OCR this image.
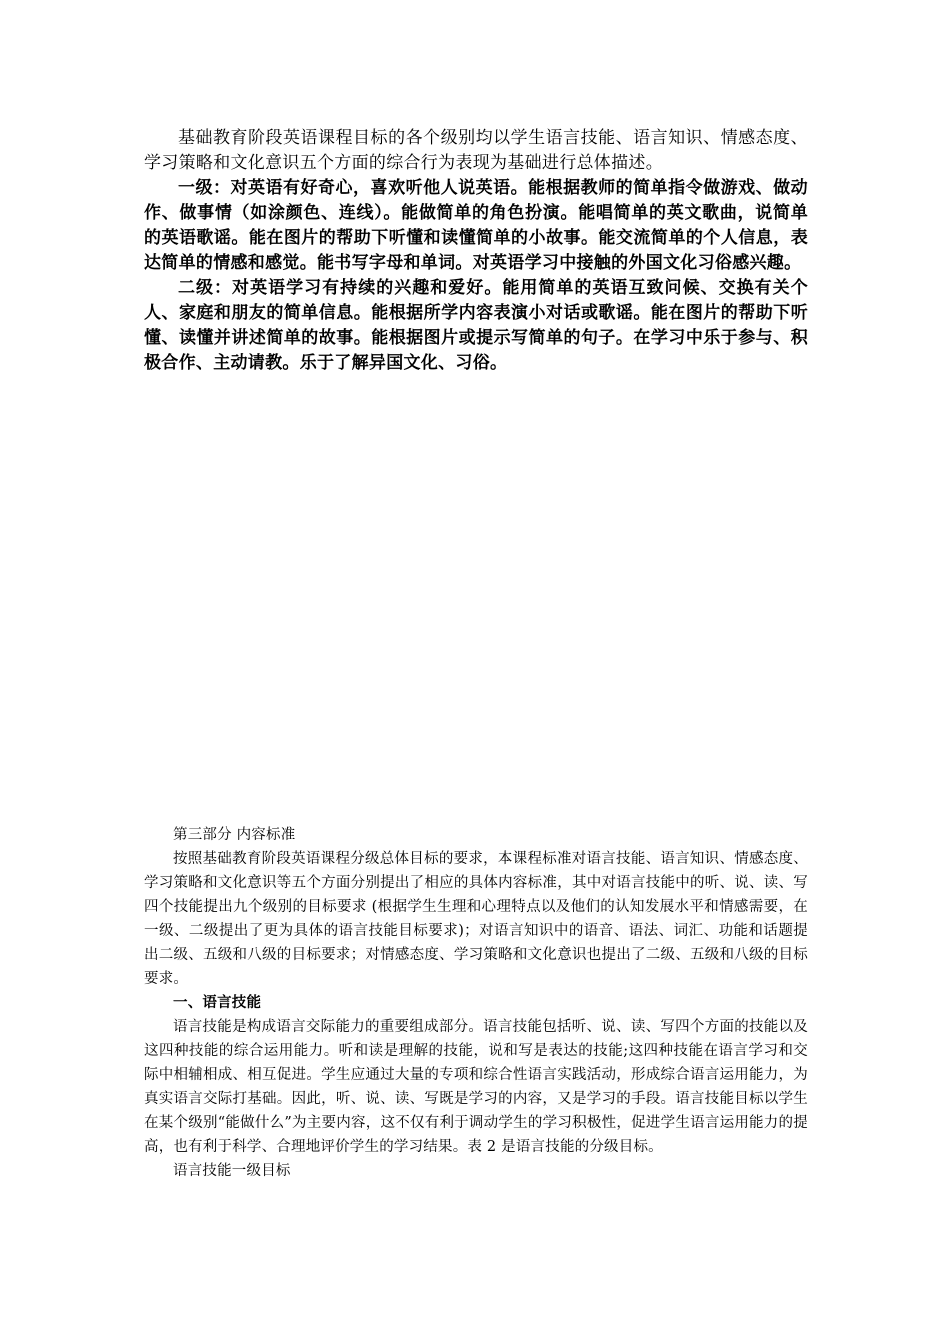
基础教育阶段英语课程目标的各个级别均以学生语言技能、语言知识、情感态度、学习策略和文化意识五个方面的综合行为表现为基础进行总体描述。

一级：对英语有好奇心，喜欢听他人说英语。能根据教师的简单指令做游戏、做动作、做事情（如涂颜色、连线）。能做简单的角色扮演。能唱简单的英文歌曲，说简单的英语歌谣。能在图片的帮助下听懂和读懂简单的小故事。能交流简单的个人信息，表达简单的情感和感觉。能书写字母和单词。对英语学习中接触的外国文化习俗感兴趣。

二级：对英语学习有持续的兴趣和爱好。能用简单的英语互致问候、交换有关个人、家庭和朋友的简单信息。能根据所学内容表演小对话或歌谣。能在图片的帮助下听懂、读懂并讲述简单的故事。能根据图片或提示写简单的句子。在学习中乐于参与、积极合作、主动请教。乐于了解异国文化、习俗。

第三部分 内容标准

按照基础教育阶段英语课程分级总体目标的要求，本课程标准对语言技能、语言知识、情感态度、学习策略和文化意识等五个方面分别提出了相应的具体内容标准，其中对语言技能中的听、说、读、写四个技能提出九个级别的目标要求 (根据学生生理和心理特点以及他们的认知发展水平和情感需要，在一级、二级提出了更为具体的语言技能目标要求)；对语言知识中的语音、语法、词汇、功能和话题提出二级、五级和八级的目标要求；对情感态度、学习策略和文化意识也提出了二级、五级和八级的目标要求。

一、语言技能

语言技能是构成语言交际能力的重要组成部分。语言技能包括听、说、读、写四个方面的技能以及这四种技能的综合运用能力。听和读是理解的技能，说和写是表达的技能;这四种技能在语言学习和交际中相辅相成、相互促进。学生应通过大量的专项和综合性语言实践活动，形成综合语言运用能力，为真实语言交际打基础。因此，听、说、读、写既是学习的内容，又是学习的手段。语言技能目标以学生在某个级别“能做什么”为主要内容，这不仅有利于调动学生的学习积极性，促进学生语言运用能力的提高，也有利于科学、合理地评价学生的学习结果。表 2 是语言技能的分级目标。

语言技能一级目标
